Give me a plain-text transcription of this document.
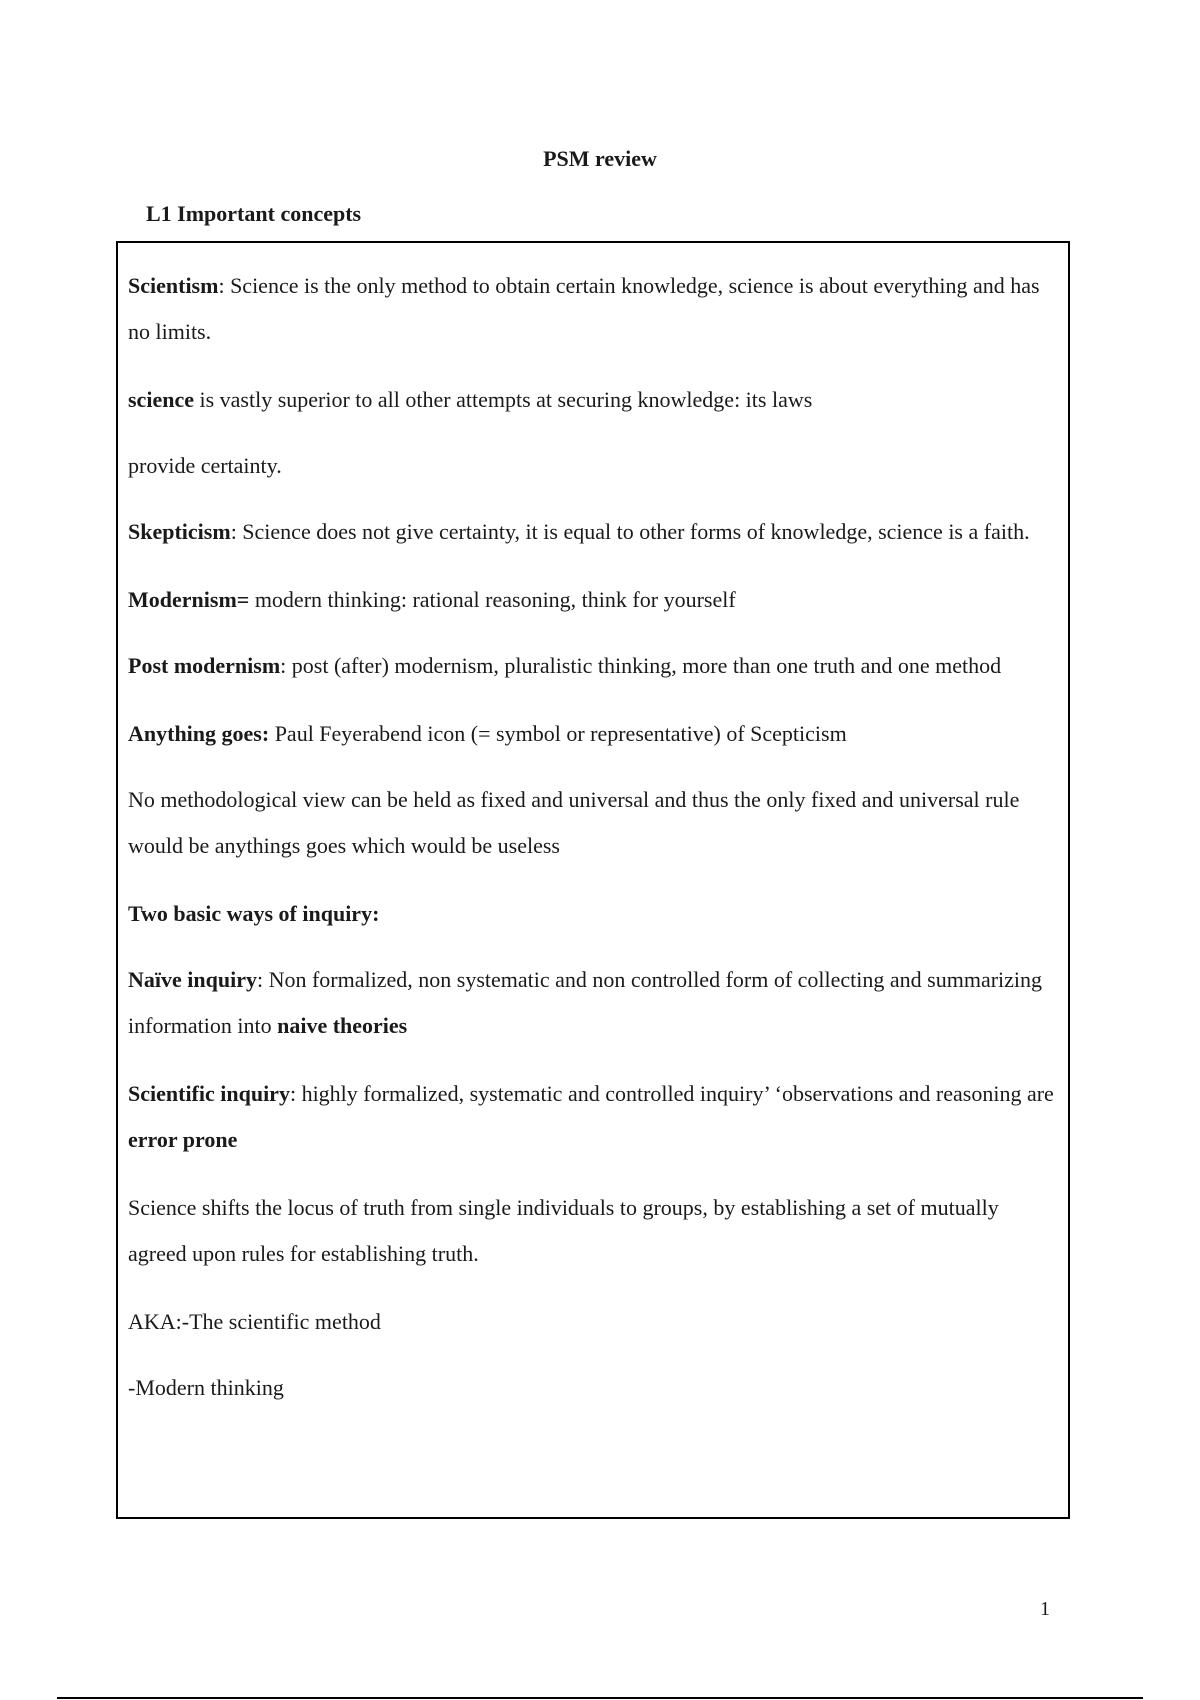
PSM review
L1 Important concepts

Scientism: Science is the only method to obtain certain knowledge, science is about everything and has no limits.

science is vastly superior to all other attempts at securing knowledge: its laws

provide certainty.

Skepticism: Science does not give certainty, it is equal to other forms of knowledge, science is a faith.

Modernism= modern thinking: rational reasoning, think for yourself

Post modernism: post (after) modernism, pluralistic thinking, more than one truth and one method

Anything goes: Paul Feyerabend icon (= symbol or representative) of Scepticism

No methodological view can be held as fixed and universal and thus the only fixed and universal rule would be anythings goes which would be useless

Two basic ways of inquiry:

Naïve inquiry: Non formalized, non systematic and non controlled form of collecting and summarizing information into naive theories

Scientific inquiry: highly formalized, systematic and controlled inquiry’ ‘observations and reasoning are error prone

Science shifts the locus of truth from single individuals to groups, by establishing a set of mutually agreed upon rules for establishing truth.

AKA:-The scientific method

-Modern thinking

1
